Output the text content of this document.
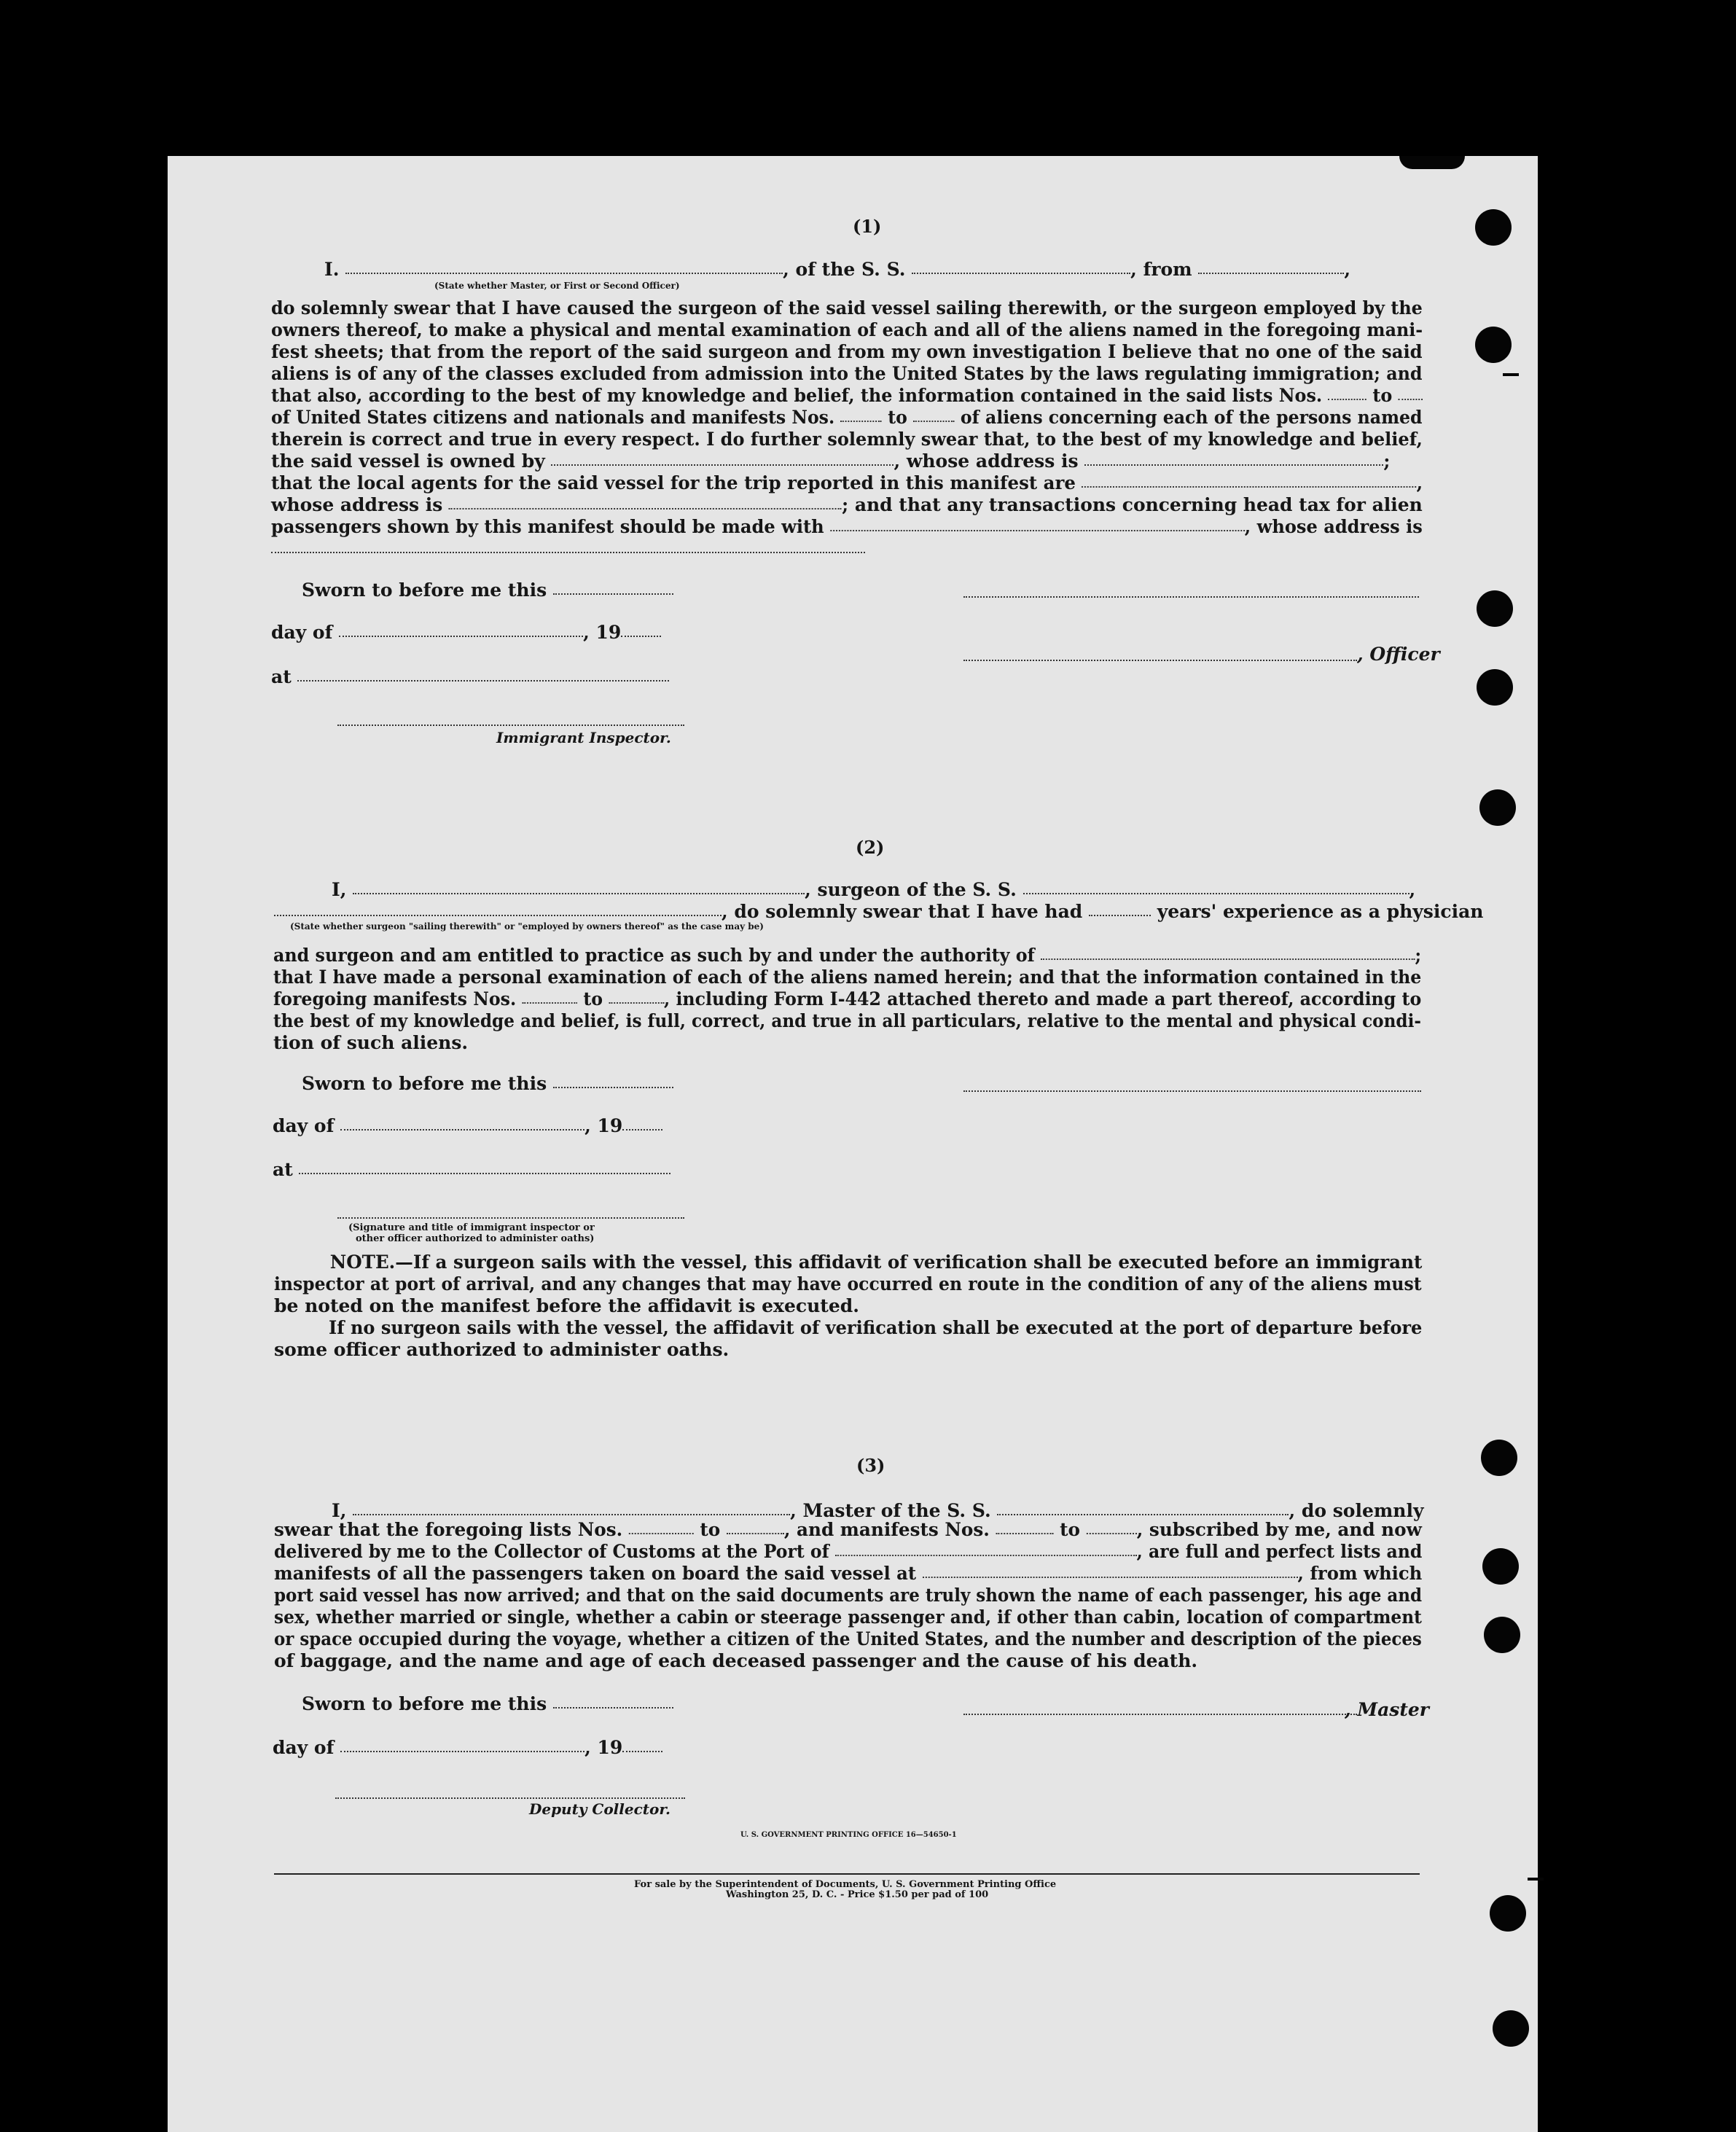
(1)
I.	, of the S. S.	, from	,
(State whether Master, or First or Second Officer)
do solemnly swear that I have caused the surgeon of the said vessel sailing therewith, or the surgeon employed by the
owners thereof, to make a physical and mental examination of each and all of the aliens named in the foregoing mani-
fest sheets; that from the report of the said surgeon and from my own investigation I believe that no one of the said
aliens is of any of the classes excluded from admission into the United States by the laws regulating immigration; and
that also, according to the best of my knowledge and belief, the information contained in the said lists Nos.	to
of United States citizens and nationals and manifests Nos.	to	of aliens concerning each of the persons named
therein is correct and true in every respect. I do further solemnly swear that, to the best of my knowledge and belief,
the said vessel is owned by	, whose address is	;
that the local agents for the said vessel for the trip reported in this manifest are	,
whose address is	; and that any transactions concerning head tax for alien
passengers shown by this manifest should be made with	, whose address is
Sworn to before me this
day of	, 19
, Officer
at
Immigrant Inspector.
(2)
I,	, surgeon of the S. S.	,
, do solemnly swear that I have had	years' experience as a physician
(State whether surgeon "sailing therewith" or "employed by owners thereof" as the case may be)
and surgeon and am entitled to practice as such by and under the authority of	;
that I have made a personal examination of each of the aliens named herein; and that the information contained in the
foregoing manifests Nos.	to	, including Form I-442 attached thereto and made a part thereof, according to
the best of my knowledge and belief, is full, correct, and true in all particulars, relative to the mental and physical condi-
tion of such aliens.
Sworn to before me this
day of	, 19
at
(Signature and title of immigrant inspector or
other officer authorized to administer oaths)
NOTE.—If a surgeon sails with the vessel, this affidavit of verification shall be executed before an immigrant
inspector at port of arrival, and any changes that may have occurred en route in the condition of any of the aliens must
be noted on the manifest before the affidavit is executed.
If no surgeon sails with the vessel, the affidavit of verification shall be executed at the port of departure before
some officer authorized to administer oaths.
(3)
I,	, Master of the S. S.	, do solemnly
swear that the foregoing lists Nos.	to	, and manifests Nos.	to	, subscribed by me, and now
delivered by me to the Collector of Customs at the Port of	, are full and perfect lists and
manifests of all the passengers taken on board the said vessel at	, from which
port said vessel has now arrived; and that on the said documents are truly shown the name of each passenger, his age and
sex, whether married or single, whether a cabin or steerage passenger and, if other than cabin, location of compartment
or space occupied during the voyage, whether a citizen of the United States, and the number and description of the pieces
of baggage, and the name and age of each deceased passenger and the cause of his death.
Sworn to before me this	, Master
day of	, 19
Deputy Collector.
U. S. GOVERNMENT PRINTING OFFICE 16—54650-1
For sale by the Superintendent of Documents, U. S. Government Printing Office
Washington 25, D. C. - Price $1.50 per pad of 100
